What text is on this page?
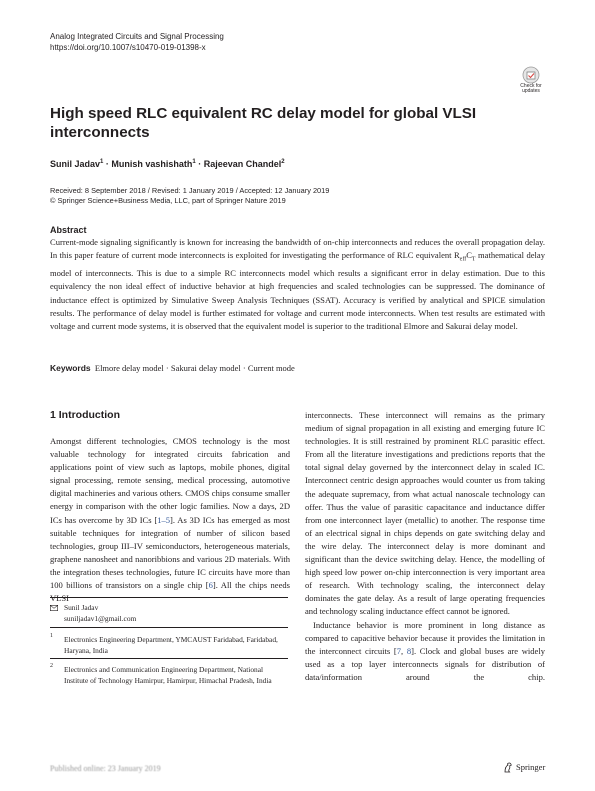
Analog Integrated Circuits and Signal Processing
https://doi.org/10.1007/s10470-019-01398-x
Check for
updates
High speed RLC equivalent RC delay model for global VLSI interconnects
Sunil Jadav$^1$ · Munish vashishath$^1$ · Rajeevan Chandel$^2$
Received: 8 September 2018 / Revised: 1 January 2019 / Accepted: 12 January 2019
© Springer Science+Business Media, LLC, part of Springer Nature 2019
Abstract
Current-mode signaling significantly is known for increasing the bandwidth of on-chip interconnects and reduces the overall propagation delay. In this paper feature of current mode interconnects is exploited for investigating the performance of RLC equivalent $R_{eff}C_T$ mathematical delay model of interconnects. This is due to a simple RC interconnects model which results a significant error in delay estimation. Due to this equivalency the non ideal effect of inductive behavior at high frequencies and scaled technologies can be suppressed. The dominance of inductance effect is optimized by Simulative Sweep Analysis Techniques (SSAT). Accuracy is verified by analytical and SPICE simulation results. The performance of delay model is further estimated for voltage and current mode interconnects. When test results are estimated with voltage and current mode systems, it is observed that the equivalent model is superior to the traditional Elmore and Sakurai delay model.
Keywords Elmore delay model · Sakurai delay model · Current mode
1 Introduction
Amongst different technologies, CMOS technology is the most valuable technology for integrated circuits fabrication and applications point of view such as laptops, mobile phones, digital signal processing, remote sensing, medical processing, automotive digital machineries and various others. CMOS chips consume smaller energy in comparison with the other logic families. Now a days, 2D ICs has overcome by 3D ICs [1–5]. As 3D ICs has emerged as most suitable techniques for integration of number of silicon based technologies, group III–IV semiconductors, heterogeneous materials, graphene nanosheet and nanoribbions and various 2D materials. With the integration theses technologies, future IC circuits have more than 100 billions of transistors on a single chip [6]. All the chips needs VLSI
interconnects. These interconnect will remains as the primary medium of signal propagation in all existing and emerging future IC technologies. It is still restrained by prominent RLC parasitic effect. From all the literature investigations and predictions reports that the total signal delay governed by the interconnect delay in scaled IC. Interconnect centric design approaches would counter us from taking the adequate supremacy, from what actual nanoscale technology can offer. Thus the value of parasitic capacitance and inductance differ from one interconnect layer (metallic) to another. The response time of an electrical signal in chips depends on gate switching delay and the wire delay. The interconnect delay is more dominant and significant than the device switching delay. Hence, the modelling of high speed low power on-chip interconnection is very important area of research. With technology scaling, the interconnect delay dominates the gate delay. As a result of large operating frequencies and technology scaling inductance effect cannot be ignored.
Inductance behavior is more prominent in long distance as compared to capacitive behavior because it provides the limitation in the interconnect circuits [7, 8]. Clock and global buses are widely used as a top layer interconnects signals for distribution of data/information around the chip.
Sunil Jadav
suniljadav1@gmail.com
1 Electronics Engineering Department, YMCAUST Faridabad, Faridabad, Haryana, India
2 Electronics and Communication Engineering Department, National Institute of Technology Hamirpur, Hamirpur, Himachal Pradesh, India
Published online: 23 January 2019	Springer
